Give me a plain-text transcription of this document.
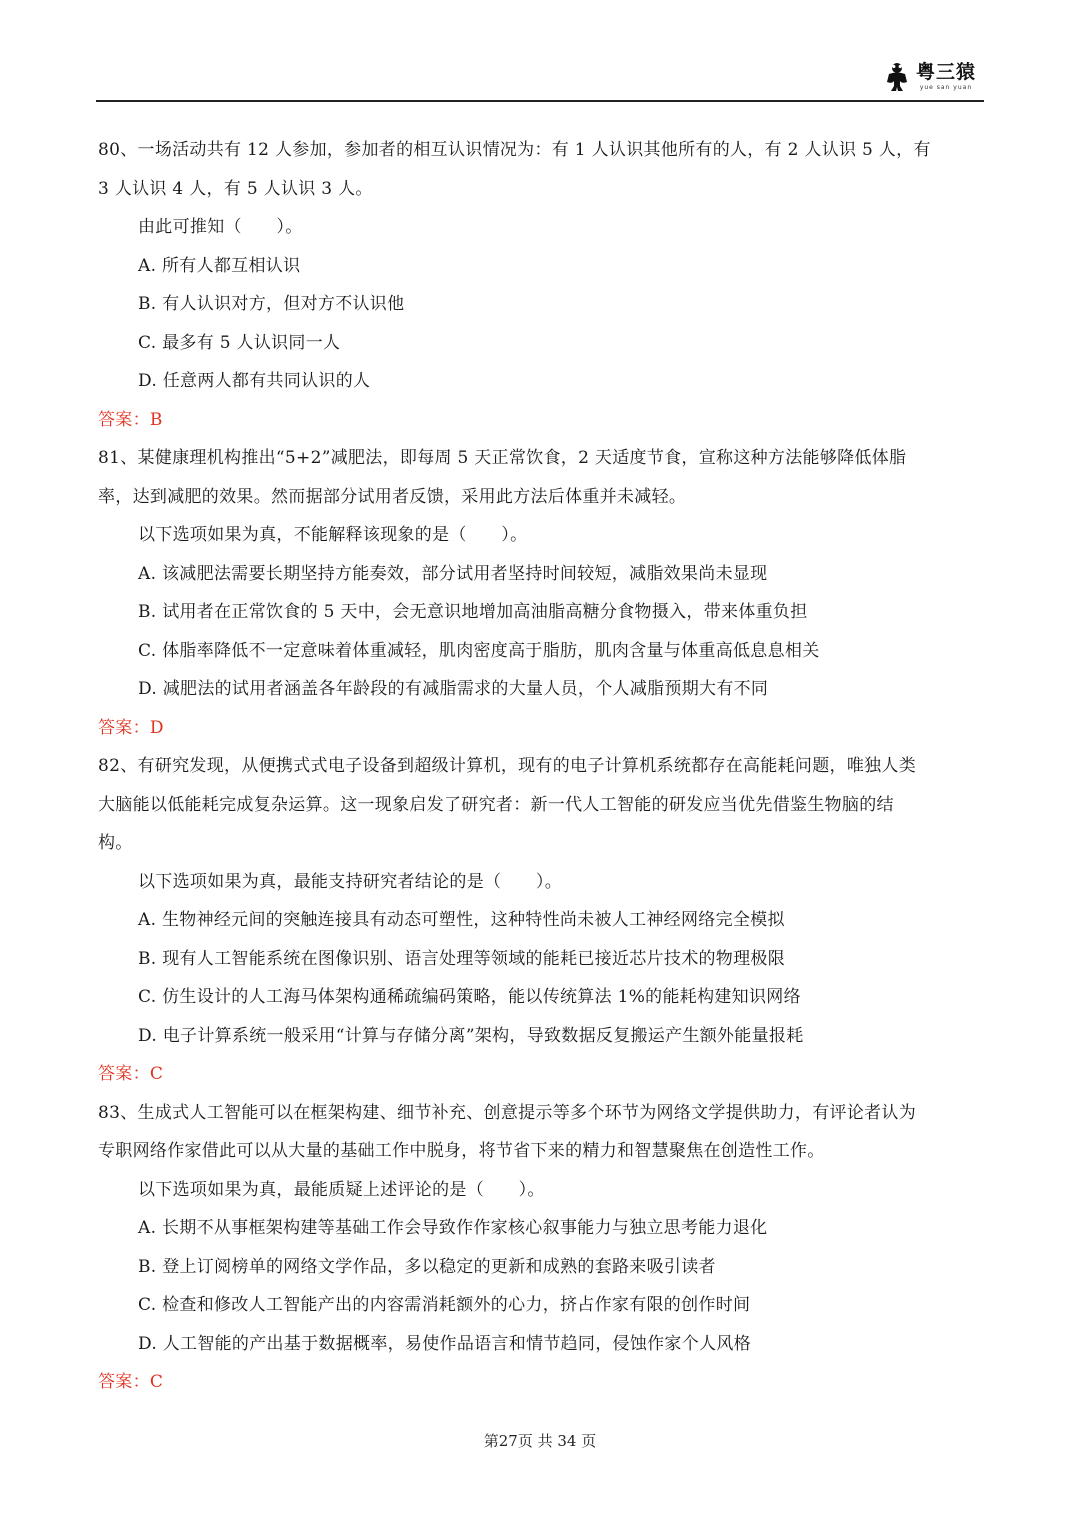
粤三猿
yue san yuan
80、一场活动共有 12 人参加，参加者的相互认识情况为：有 1 人认识其他所有的人，有 2 人认识 5 人，有
3 人认识 4 人，有 5 人认识 3 人。
由此可推知（　　）。
A. 所有人都互相认识
B. 有人认识对方，但对方不认识他
C. 最多有 5 人认识同一人
D. 任意两人都有共同认识的人
答案：B
81、某健康理机构推出“5+2”减肥法，即每周 5 天正常饮食，2 天适度节食，宣称这种方法能够降低体脂
率，达到减肥的效果。然而据部分试用者反馈，采用此方法后体重并未减轻。
以下选项如果为真，不能解释该现象的是（　　）。
A. 该减肥法需要长期坚持方能奏效，部分试用者坚持时间较短，减脂效果尚未显现
B. 试用者在正常饮食的 5 天中，会无意识地增加高油脂高糖分食物摄入，带来体重负担
C. 体脂率降低不一定意味着体重减轻，肌肉密度高于脂肪，肌肉含量与体重高低息息相关
D. 减肥法的试用者涵盖各年龄段的有减脂需求的大量人员，个人减脂预期大有不同
答案：D
82、有研究发现，从便携式式电子设备到超级计算机，现有的电子计算机系统都存在高能耗问题，唯独人类
大脑能以低能耗完成复杂运算。这一现象启发了研究者：新一代人工智能的研发应当优先借鉴生物脑的结
构。
以下选项如果为真，最能支持研究者结论的是（　　）。
A. 生物神经元间的突触连接具有动态可塑性，这种特性尚未被人工神经网络完全模拟
B. 现有人工智能系统在图像识别、语言处理等领域的能耗已接近芯片技术的物理极限
C. 仿生设计的人工海马体架构通稀疏编码策略，能以传统算法 1%的能耗构建知识网络
D. 电子计算系统一般采用“计算与存储分离”架构，导致数据反复搬运产生额外能量报耗
答案：C
83、生成式人工智能可以在框架构建、细节补充、创意提示等多个环节为网络文学提供助力，有评论者认为
专职网络作家借此可以从大量的基础工作中脱身，将节省下来的精力和智慧聚焦在创造性工作。
以下选项如果为真，最能质疑上述评论的是（　　）。
A. 长期不从事框架构建等基础工作会导致作作家核心叙事能力与独立思考能力退化
B. 登上订阅榜单的网络文学作品，多以稳定的更新和成熟的套路来吸引读者
C. 检查和修改人工智能产出的内容需消耗额外的心力，挤占作家有限的创作时间
D. 人工智能的产出基于数据概率，易使作品语言和情节趋同，侵蚀作家个人风格
答案：C
第27页 共 34 页
